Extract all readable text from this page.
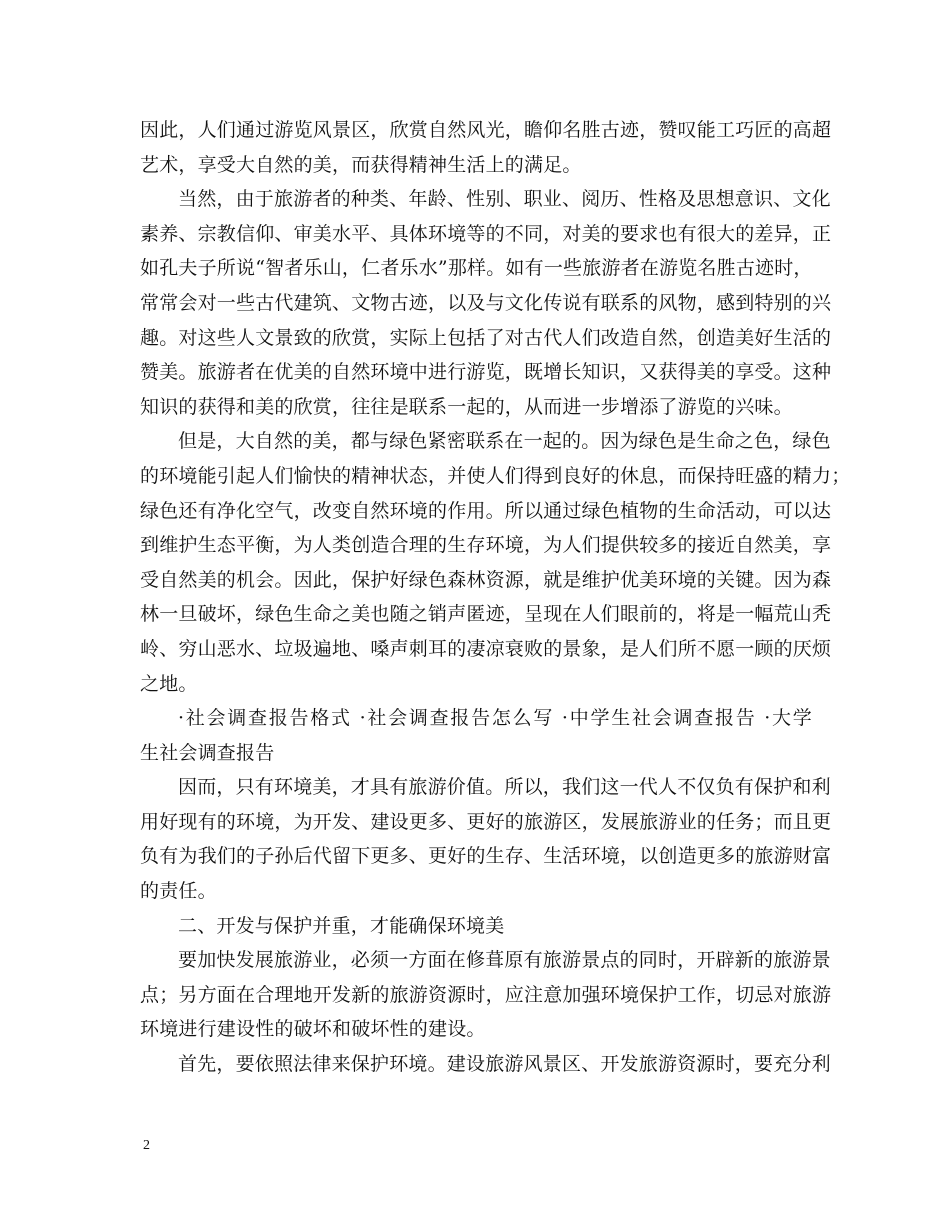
因此，人们通过游览风景区，欣赏自然风光，瞻仰名胜古迹，赞叹能工巧匠的高超
艺术，享受大自然的美，而获得精神生活上的满足。
当然，由于旅游者的种类、年龄、性别、职业、阅历、性格及思想意识、文化
素养、宗教信仰、审美水平、具体环境等的不同，对美的要求也有很大的差异，正
如孔夫子所说“智者乐山，仁者乐水”那样。如有一些旅游者在游览名胜古迹时，
常常会对一些古代建筑、文物古迹，以及与文化传说有联系的风物，感到特别的兴
趣。对这些人文景致的欣赏，实际上包括了对古代人们改造自然，创造美好生活的
赞美。旅游者在优美的自然环境中进行游览，既增长知识，又获得美的享受。这种
知识的获得和美的欣赏，往往是联系一起的，从而进一步增添了游览的兴味。
但是，大自然的美，都与绿色紧密联系在一起的。因为绿色是生命之色，绿色
的环境能引起人们愉快的精神状态，并使人们得到良好的休息，而保持旺盛的精力；
绿色还有净化空气，改变自然环境的作用。所以通过绿色植物的生命活动，可以达
到维护生态平衡，为人类创造合理的生存环境，为人们提供较多的接近自然美，享
受自然美的机会。因此，保护好绿色森林资源，就是维护优美环境的关键。因为森
林一旦破坏，绿色生命之美也随之销声匿迹，呈现在人们眼前的，将是一幅荒山秃
岭、穷山恶水、垃圾遍地、嗓声刺耳的凄凉衰败的景象，是人们所不愿一顾的厌烦
之地。
·社会调查报告格式 ·社会调查报告怎么写 ·中学生社会调查报告 ·大学
生社会调查报告
因而，只有环境美，才具有旅游价值。所以，我们这一代人不仅负有保护和利
用好现有的环境，为开发、建设更多、更好的旅游区，发展旅游业的任务；而且更
负有为我们的子孙后代留下更多、更好的生存、生活环境，以创造更多的旅游财富
的责任。
二、开发与保护并重，才能确保环境美
要加快发展旅游业，必须一方面在修葺原有旅游景点的同时，开辟新的旅游景
点；另方面在合理地开发新的旅游资源时，应注意加强环境保护工作，切忌对旅游
环境进行建设性的破坏和破坏性的建设。
首先，要依照法律来保护环境。建设旅游风景区、开发旅游资源时，要充分利
2
